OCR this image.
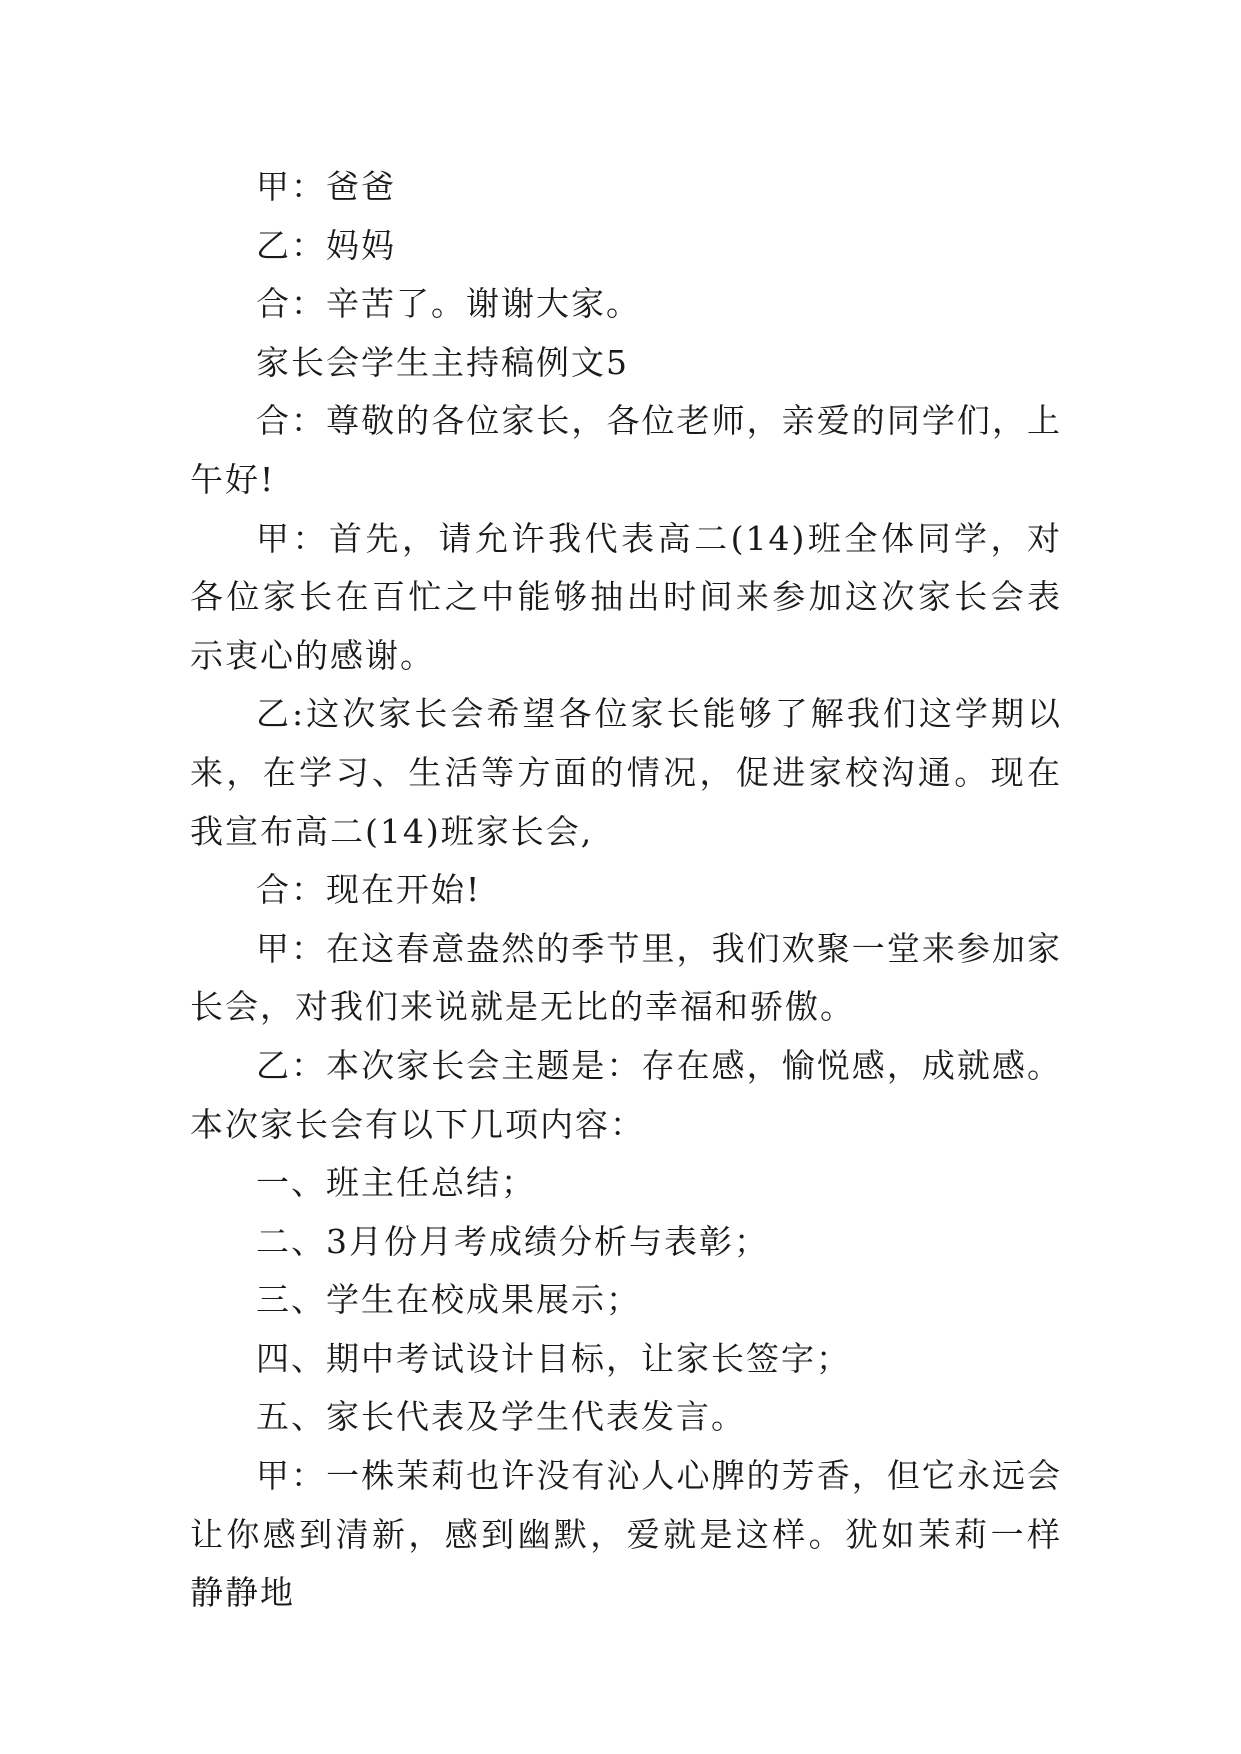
甲：爸爸

乙：妈妈

合：辛苦了。谢谢大家。

家长会学生主持稿例文5

合：尊敬的各位家长，各位老师，亲爱的同学们，上午好!

甲：首先，请允许我代表高二(14)班全体同学，对各位家长在百忙之中能够抽出时间来参加这次家长会表示衷心的感谢。

乙:这次家长会希望各位家长能够了解我们这学期以来，在学习、生活等方面的情况，促进家校沟通。现在我宣布高二(14)班家长会,

合：现在开始!

甲：在这春意盎然的季节里，我们欢聚一堂来参加家长会，对我们来说就是无比的幸福和骄傲。

乙：本次家长会主题是：存在感，愉悦感，成就感。本次家长会有以下几项内容：

一、班主任总结；

二、3月份月考成绩分析与表彰；

三、学生在校成果展示；

四、期中考试设计目标，让家长签字；

五、家长代表及学生代表发言。

甲：一株茉莉也许没有沁人心脾的芳香，但它永远会让你感到清新，感到幽默，爱就是这样。犹如茉莉一样静静地
